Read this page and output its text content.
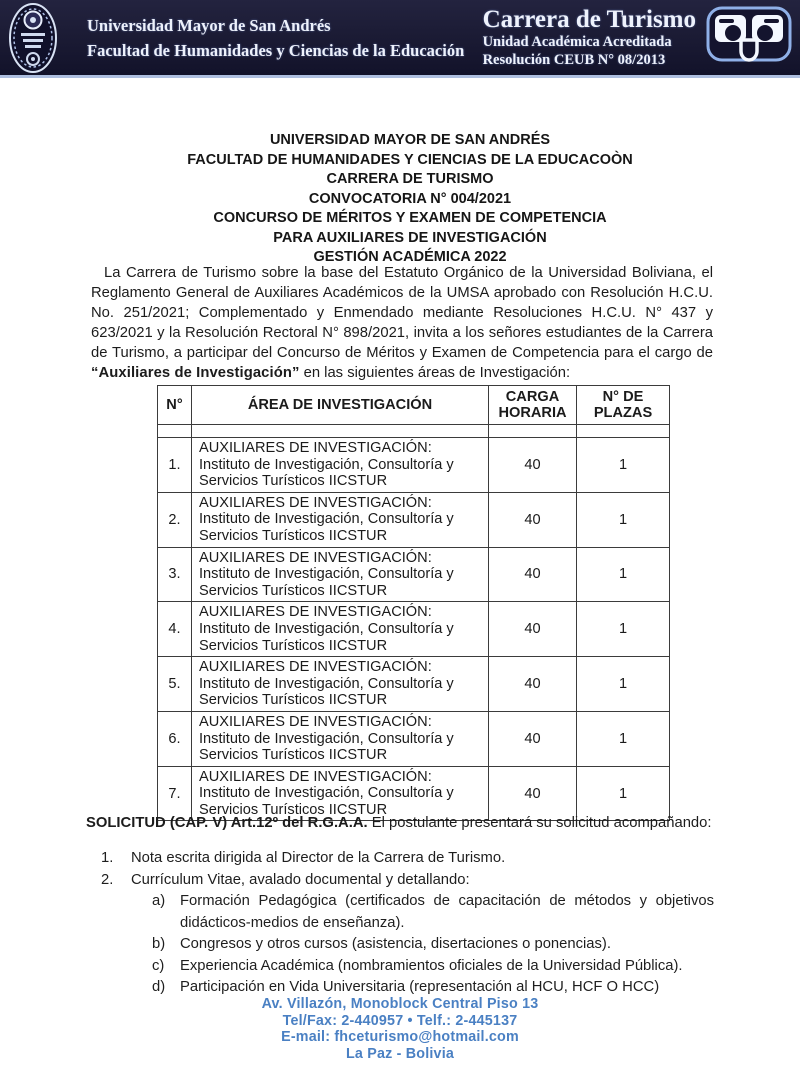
Universidad Mayor de San Andrés
Facultad de Humanidades y Ciencias de la Educación
Carrera de Turismo
Unidad Académica Acreditada
Resolución CEUB N° 08/2013
UNIVERSIDAD MAYOR DE SAN ANDRÉS
FACULTAD DE HUMANIDADES Y CIENCIAS DE LA EDUCACOÒN
CARRERA DE TURISMO
CONVOCATORIA N° 004/2021
CONCURSO DE MÉRITOS Y EXAMEN DE COMPETENCIA
PARA AUXILIARES DE INVESTIGACIÓN
GESTIÓN ACADÉMICA 2022

La Carrera de Turismo sobre la base del Estatuto Orgánico de la Universidad Boliviana, el Reglamento General de Auxiliares Académicos de la UMSA aprobado con Resolución H.C.U. No. 251/2021; Complementado y Enmendado mediante Resoluciones H.C.U. N° 437 y 623/2021 y la Resolución Rectoral N° 898/2021, invita a los señores estudiantes de la Carrera de Turismo, a participar del Concurso de Méritos y Examen de Competencia para el cargo de “Auxiliares de Investigación” en las siguientes áreas de Investigación:

N°	ÁREA DE INVESTIGACIÓN	CARGA HORARIA	N° DE PLAZAS

1.	AUXILIARES DE INVESTIGACIÓN:
Instituto de Investigación, Consultoría y
Servicios Turísticos IICSTUR	40	1
2.	AUXILIARES DE INVESTIGACIÓN:
Instituto de Investigación, Consultoría y
Servicios Turísticos IICSTUR	40	1
3.	AUXILIARES DE INVESTIGACIÓN:
Instituto de Investigación, Consultoría y
Servicios Turísticos IICSTUR	40	1
4.	AUXILIARES DE INVESTIGACIÓN:
Instituto de Investigación, Consultoría y
Servicios Turísticos IICSTUR	40	1
5.	AUXILIARES DE INVESTIGACIÓN:
Instituto de Investigación, Consultoría y
Servicios Turísticos IICSTUR	40	1
6.	AUXILIARES DE INVESTIGACIÓN:
Instituto de Investigación, Consultoría y
Servicios Turísticos IICSTUR	40	1
7.	AUXILIARES DE INVESTIGACIÓN:
Instituto de Investigación, Consultoría y
Servicios Turísticos IICSTUR	40	1
SOLICITUD (CAP. V) Art.12º del R.G.A.A. El postulante presentará su solicitud acompañando:
1.	Nota escrita dirigida al Director de la Carrera de Turismo.
2.	Currículum Vitae, avalado documental y detallando:
a)	Formación Pedagógica (certificados de capacitación de métodos y objetivos didácticos-medios de enseñanza).
b)	Congresos y otros cursos (asistencia, disertaciones o ponencias).
c)	Experiencia Académica (nombramientos oficiales de la Universidad Pública).
d)	Participación en Vida Universitaria (representación al HCU, HCF O HCC)
Av. Villazón, Monoblock Central Piso 13
Tel/Fax: 2-440957 • Telf.: 2-445137
E-mail: fhceturismo@hotmail.com
La Paz - Bolivia
